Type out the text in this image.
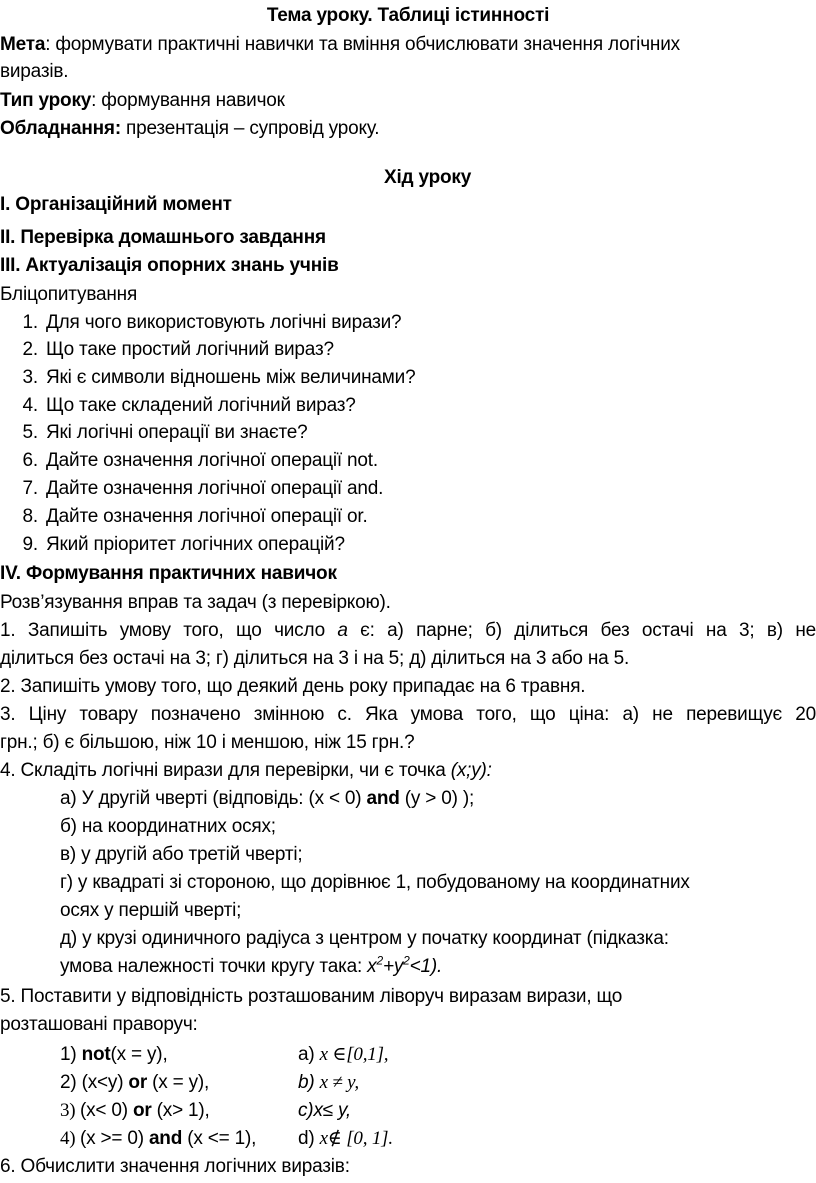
Тема уроку. Таблиці істинності
Мета: формувати практичні навички та вміння обчислювати значення логічних
виразів.
Тип уроку: формування навичок
Обладнання: презентація – супровід уроку.
Хід уроку
I. Організаційний момент
II. Перевірка домашнього завдання
III. Актуалізація опорних знань учнів
Бліцопитування
1. Для чого використовують логічні вирази?
2. Що таке простий логічний вираз?
3. Які є символи відношень між величинами?
4. Що таке складений логічний вираз?
5. Які логічні операції ви знаєте?
6. Дайте означення логічної операції not.
7. Дайте означення логічної операції and.
8. Дайте означення логічної операції or.
9. Який пріоритет логічних операцій?
IV. Формування практичних навичок
Розв’язування вправ та задач (з перевіркою).
1. Запишіть умову того, що число а є: а) парне; б) ділиться без остачі на 3; в) не
ділиться без остачі на 3; г) ділиться на 3 і на 5; д) ділиться на 3 або на 5.
2. Запишіть умову того, що деякий день року припадає на 6 травня.
3. Ціну товару позначено змінною с. Яка умова того, що ціна: а) не перевищує 20
грн.; б) є більшою, ніж 10 і меншою, ніж 15 грн.?
4. Складіть логічні вирази для перевірки, чи є точка (x;y):
а) У другій чверті (відповідь: (x < 0) and (y > 0) );
б) на координатних осях;
в) у другій або третій чверті;
г) у квадраті зі стороною, що дорівнює 1, побудованому на координатних
осях у першій чверті;
д) у крузі одиничного радіуса з центром у початку координат (підказка:
умова належності точки кругу така: $x^2+y^2<1$).
5. Поставити у відповідність розташованим ліворуч виразам вирази, що
розташовані праворуч:
1) not(x = y),	а) x ∈[0,1],
2) (x<y) or (x = y),	b) x ≠ y,
3) (x< 0) or (x> 1),	c)x≤ y,
4) (x >= 0) and (x <= 1), d) x∉ [0, 1].
6. Обчислити значення логічних виразів:
